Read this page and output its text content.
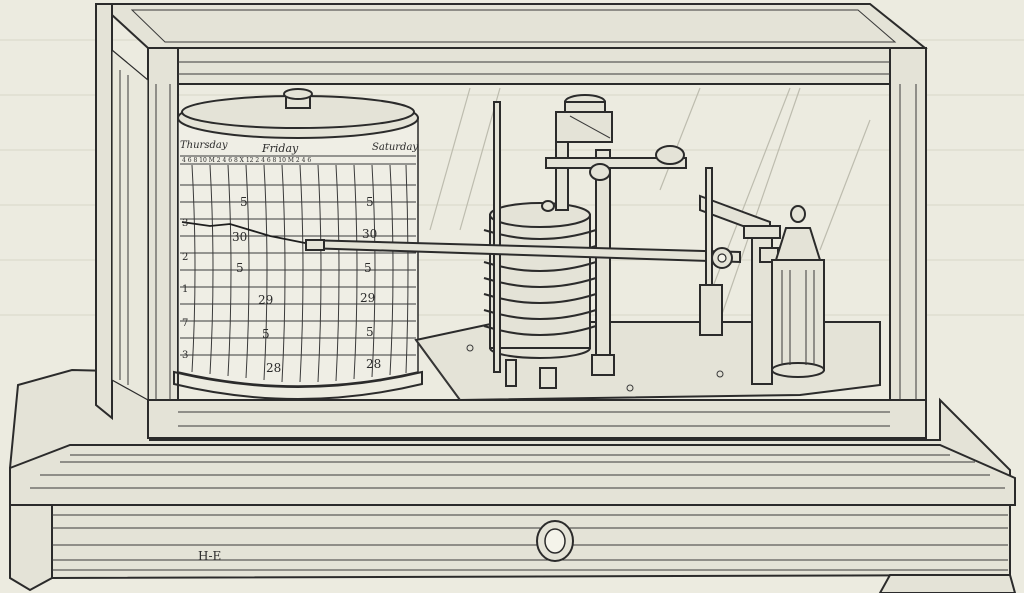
Thursday	Friday	Saturday
4 6 8 10 M 2 4 6 8 X 12 2 4 6 8 10 M 2 4 6
5
30
5
29
5
28
5
30
5
29
5
28
3
2
1
7
3
H-E
